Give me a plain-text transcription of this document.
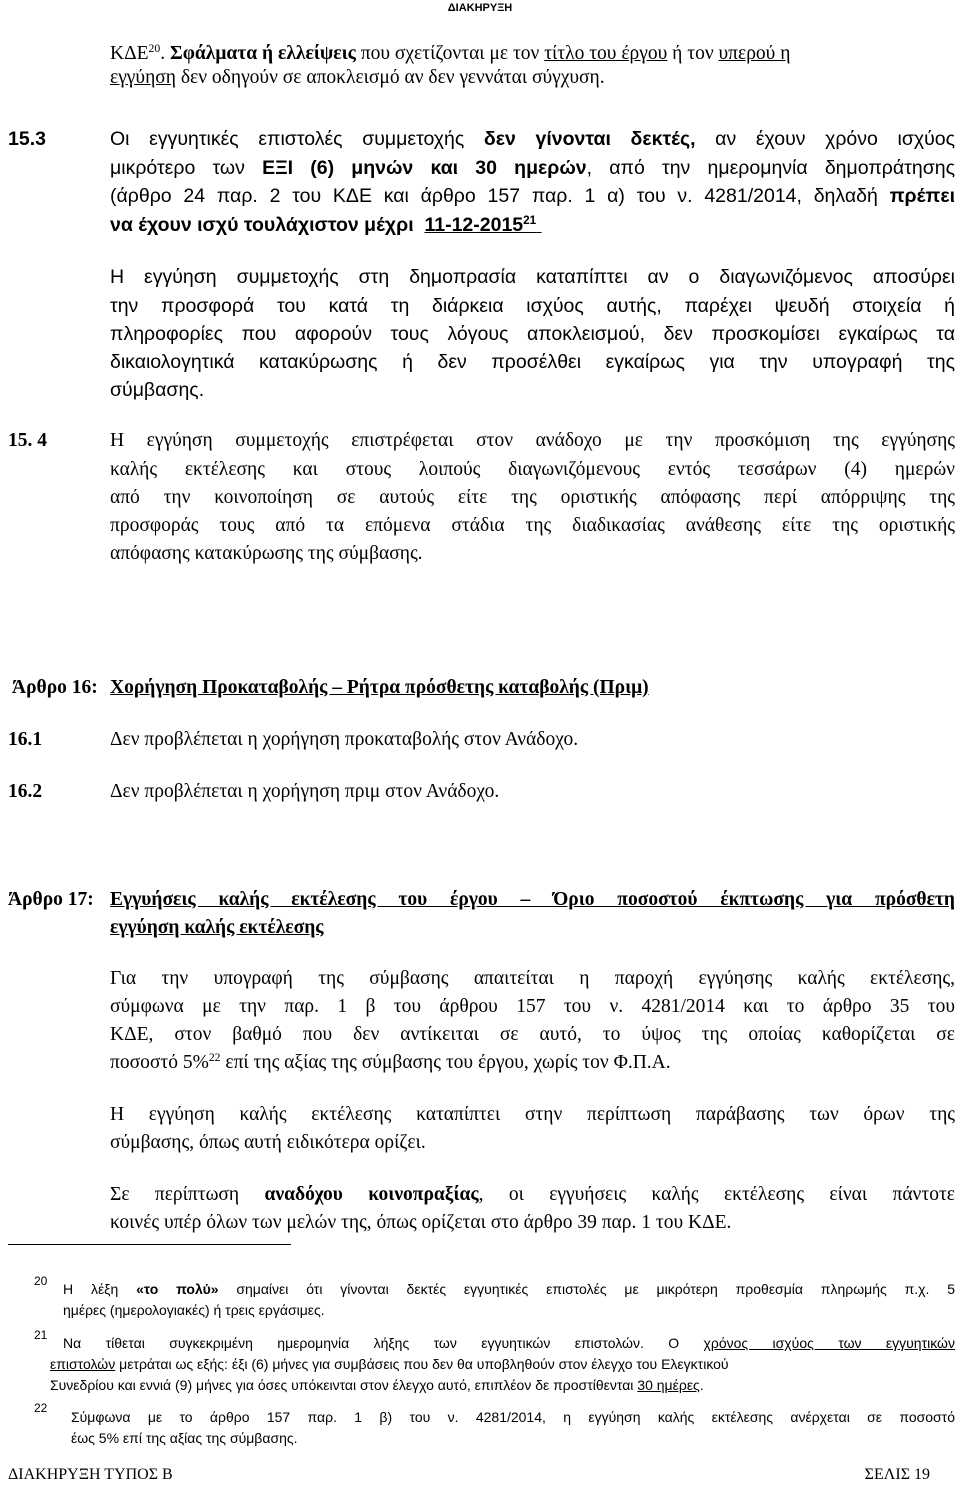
ΔΙΑΚΗΡΥΞΗ
ΚΔΕ$^{20}$. Σφάλματα ή ελλείψεις που σχετίζονται με τον τίτλο του έργου ή τον υπερού η
εγγύηση δεν οδηγούν σε αποκλεισμό αν δεν γεννάται σύγχυση.
15.3	Οι εγγυητικές επιστολές συμμετοχής δεν γίνονται δεκτές, αν έχουν χρόνο ισχύος
μικρότερο των ΕΞΙ (6) μηνών και 30 ημερών, από την ημερομηνία δημοπράτησης
(άρθρο 24 παρ. 2 του ΚΔΕ και άρθρο 157 παρ. 1 α) του ν. 4281/2014, δηλαδή πρέπει
να έχουν ισχύ τουλάχιστον μέχρι 11-12-2015$^{21}$
Η εγγύηση συμμετοχής στη δημοπρασία καταπίπτει αν ο διαγωνιζόμενος αποσύρει
την προσφορά του κατά τη διάρκεια ισχύος αυτής, παρέχει ψευδή στοιχεία ή
πληροφορίες που αφορούν τους λόγους αποκλεισμού, δεν προσκομίσει εγκαίρως τα
δικαιολογητικά κατακύρωσης ή δεν προσέλθει εγκαίρως για την υπογραφή της
σύμβασης.
15. 4	Η εγγύηση συμμετοχής επιστρέφεται στον ανάδοχο με την προσκόμιση της εγγύησης
καλής εκτέλεσης και στους λοιπούς διαγωνιζόμενους εντός τεσσάρων (4) ημερών
από την κοινοποίηση σε αυτούς είτε της οριστικής απόφασης περί απόρριψης της
προσφοράς τους από τα επόμενα στάδια της διαδικασίας ανάθεσης είτε της οριστικής
απόφασης κατακύρωσης της σύμβασης.
Άρθρο 16: Χορήγηση Προκαταβολής – Ρήτρα πρόσθετης καταβολής (Πριμ)
16.1	Δεν προβλέπεται η χορήγηση προκαταβολής στον Ανάδοχο.
16.2	Δεν προβλέπεται η χορήγηση πριμ στον Ανάδοχο.
Άρθρο 17: Εγγυήσεις καλής εκτέλεσης του έργου – Όριο ποσοστού έκπτωσης για πρόσθετη
εγγύηση καλής εκτέλεσης
Για την υπογραφή της σύμβασης απαιτείται η παροχή εγγύησης καλής εκτέλεσης,
σύμφωνα με την παρ. 1 β του άρθρου 157 του ν. 4281/2014 και το άρθρο 35 του
ΚΔΕ, στον βαθμό που δεν αντίκειται σε αυτό, το ύψος της οποίας καθορίζεται σε
ποσοστό 5%$^{22}$ επί της αξίας της σύμβασης του έργου, χωρίς τον Φ.Π.Α.
Η εγγύηση καλής εκτέλεσης καταπίπτει στην περίπτωση παράβασης των όρων της
σύμβασης, όπως αυτή ειδικότερα ορίζει.
Σε περίπτωση αναδόχου κοινοπραξίας, οι εγγυήσεις καλής εκτέλεσης είναι πάντοτε
κοινές υπέρ όλων των μελών της, όπως ορίζεται στο άρθρο 39 παρ. 1 του ΚΔΕ.
20 Η λέξη «το πολύ» σημαίνει ότι γίνονται δεκτές εγγυητικές επιστολές με μικρότερη προθεσμία πληρωμής π.χ. 5
ημέρες (ημερολογιακές) ή τρεις εργάσιμες.
21 Να τίθεται συγκεκριμένη ημερομηνία λήξης των εγγυητικών επιστολών. Ο χρόνος ισχύος των εγγυητικών
επιστολών μετράται ως εξής: έξι (6) μήνες για συμβάσεις που δεν θα υποβληθούν στον έλεγχο του Ελεγκτικού
Συνεδρίου και εννιά (9) μήνες για όσες υπόκεινται στον έλεγχο αυτό, επιπλέον δε προστίθενται 30 ημέρες.
22
Σύμφωνα με το άρθρο 157 παρ. 1 β) του ν. 4281/2014, η εγγύηση καλής εκτέλεσης ανέρχεται σε ποσοστό
έως 5% επί της αξίας της σύμβασης.
ΔΙΑΚΗΡΥΞΗ ΤΥΠΟΣ Β	ΣΕΛΙΣ 19
